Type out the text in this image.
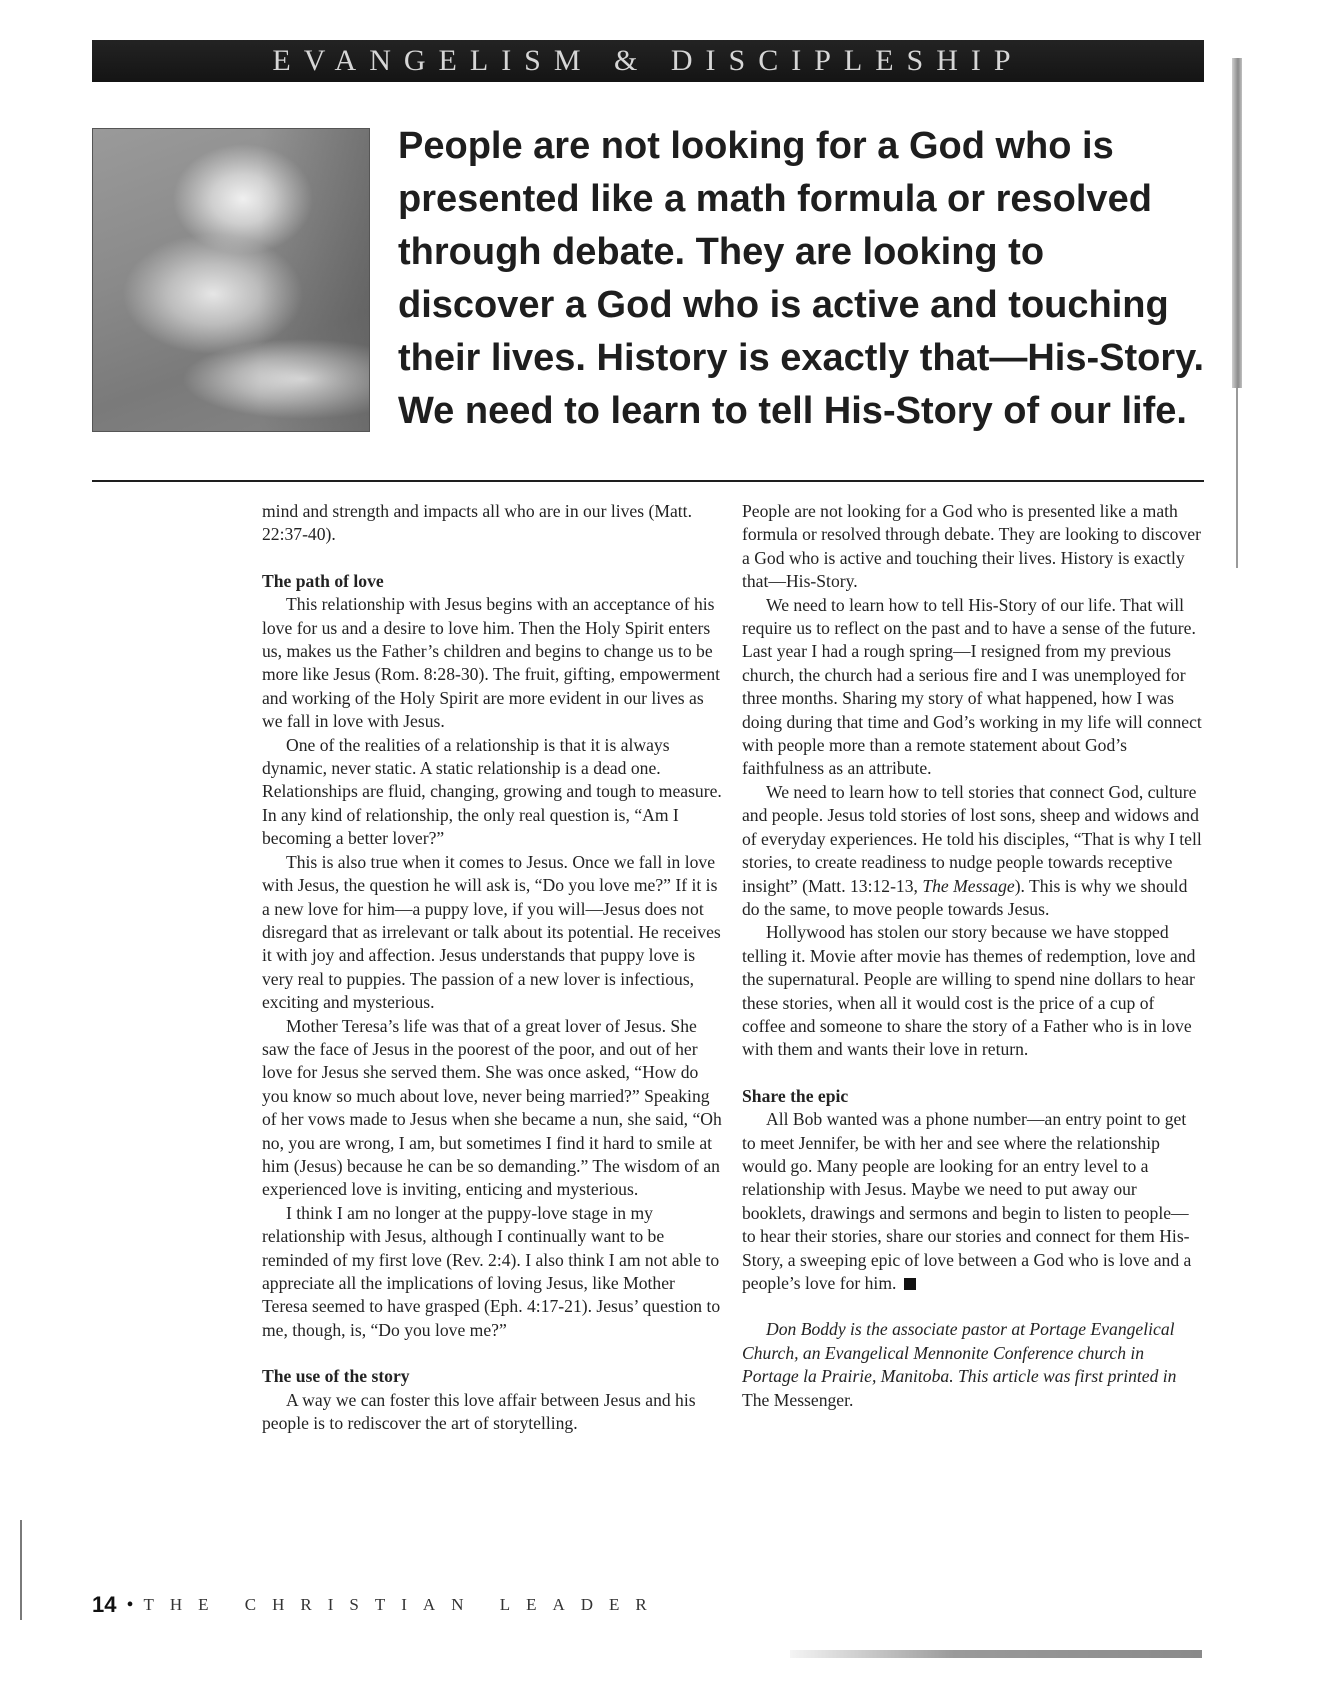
EVANGELISM & DISCIPLESHIP

People are not looking for a God who is presented like a math formula or resolved through debate. They are looking to discover a God who is active and touching their lives. History is exactly that—His-Story. We need to learn to tell His-Story of our life.

mind and strength and impacts all who are in our lives (Matt. 22:37-40).

The path of love

This relationship with Jesus begins with an acceptance of his love for us and a desire to love him. Then the Holy Spirit enters us, makes us the Father’s children and begins to change us to be more like Jesus (Rom. 8:28-30). The fruit, gifting, empowerment and working of the Holy Spirit are more evident in our lives as we fall in love with Jesus.

One of the realities of a relationship is that it is always dynamic, never static. A static relationship is a dead one. Relationships are fluid, changing, growing and tough to measure. In any kind of relationship, the only real question is, “Am I becoming a better lover?”

This is also true when it comes to Jesus. Once we fall in love with Jesus, the question he will ask is, “Do you love me?” If it is a new love for him—a puppy love, if you will—Jesus does not disregard that as irrelevant or talk about its potential. He receives it with joy and affection. Jesus understands that puppy love is very real to puppies. The passion of a new lover is infectious, exciting and mysterious.

Mother Teresa’s life was that of a great lover of Jesus. She saw the face of Jesus in the poorest of the poor, and out of her love for Jesus she served them. She was once asked, “How do you know so much about love, never being married?” Speaking of her vows made to Jesus when she became a nun, she said, “Oh no, you are wrong, I am, but sometimes I find it hard to smile at him (Jesus) because he can be so demanding.” The wisdom of an experienced love is inviting, enticing and mysterious.

I think I am no longer at the puppy-love stage in my relationship with Jesus, although I continually want to be reminded of my first love (Rev. 2:4). I also think I am not able to appreciate all the implications of loving Jesus, like Mother Teresa seemed to have grasped (Eph. 4:17-21). Jesus’ question to me, though, is, “Do you love me?”

The use of the story

A way we can foster this love affair between Jesus and his people is to rediscover the art of storytelling.

People are not looking for a God who is presented like a math formula or resolved through debate. They are looking to discover a God who is active and touching their lives. History is exactly that—His-Story.

We need to learn how to tell His-Story of our life. That will require us to reflect on the past and to have a sense of the future. Last year I had a rough spring—I resigned from my previous church, the church had a serious fire and I was unemployed for three months. Sharing my story of what happened, how I was doing during that time and God’s working in my life will connect with people more than a remote statement about God’s faithfulness as an attribute.

We need to learn how to tell stories that connect God, culture and people. Jesus told stories of lost sons, sheep and widows and of everyday experiences. He told his disciples, “That is why I tell stories, to create readiness to nudge people towards receptive insight” (Matt. 13:12-13, The Message). This is why we should do the same, to move people towards Jesus.

Hollywood has stolen our story because we have stopped telling it. Movie after movie has themes of redemption, love and the supernatural. People are willing to spend nine dollars to hear these stories, when all it would cost is the price of a cup of coffee and someone to share the story of a Father who is in love with them and wants their love in return.

Share the epic

All Bob wanted was a phone number—an entry point to get to meet Jennifer, be with her and see where the relationship would go. Many people are looking for an entry level to a relationship with Jesus. Maybe we need to put away our booklets, drawings and sermons and begin to listen to people—to hear their stories, share our stories and connect for them His-Story, a sweeping epic of love between a God who is love and a people’s love for him.

Don Boddy is the associate pastor at Portage Evangelical Church, an Evangelical Mennonite Conference church in Portage la Prairie, Manitoba. This article was first printed in The Messenger.

14 • THE CHRISTIAN LEADER
